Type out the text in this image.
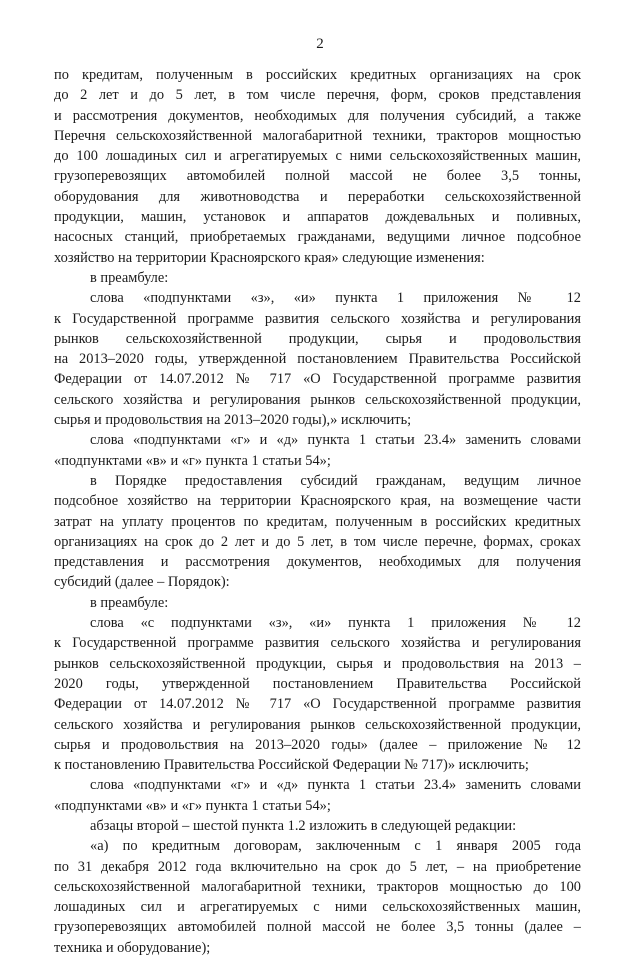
2
по кредитам, полученным в российских кредитных организациях на срок
до 2 лет и до 5 лет, в том числе перечня, форм, сроков представления
и рассмотрения документов, необходимых для получения субсидий, а также
Перечня сельскохозяйственной малогабаритной техники, тракторов мощностью
до 100 лошадиных сил и агрегатируемых с ними сельскохозяйственных машин,
грузоперевозящих автомобилей полной массой не более 3,5 тонны,
оборудования для животноводства и переработки сельскохозяйственной
продукции, машин, установок и аппаратов дождевальных и поливных,
насосных станций, приобретаемых гражданами, ведущими личное подсобное
хозяйство на территории Красноярского края» следующие изменения:
в преамбуле:
слова «подпунктами «з», «и» пункта 1 приложения № 12
к Государственной программе развития сельского хозяйства и регулирования
рынков сельскохозяйственной продукции, сырья и продовольствия
на 2013–2020 годы, утвержденной постановлением Правительства Российской
Федерации от 14.07.2012 № 717 «О Государственной программе развития
сельского хозяйства и регулирования рынков сельскохозяйственной продукции,
сырья и продовольствия на 2013–2020 годы),» исключить;
слова «подпунктами «г» и «д» пункта 1 статьи 23.4» заменить словами
«подпунктами «в» и «г» пункта 1 статьи 54»;
в Порядке предоставления субсидий гражданам, ведущим личное
подсобное хозяйство на территории Красноярского края, на возмещение части
затрат на уплату процентов по кредитам, полученным в российских кредитных
организациях на срок до 2 лет и до 5 лет, в том числе перечне, формах, сроках
представления и рассмотрения документов, необходимых для получения
субсидий (далее – Порядок):
в преамбуле:
слова «с подпунктами «з», «и» пункта 1 приложения № 12
к Государственной программе развития сельского хозяйства и регулирования
рынков сельскохозяйственной продукции, сырья и продовольствия на 2013 –
2020 годы, утвержденной постановлением Правительства Российской
Федерации от 14.07.2012 № 717 «О Государственной программе развития
сельского хозяйства и регулирования рынков сельскохозяйственной продукции,
сырья и продовольствия на 2013–2020 годы» (далее – приложение № 12
к постановлению Правительства Российской Федерации № 717)» исключить;
слова «подпунктами «г» и «д» пункта 1 статьи 23.4» заменить словами
«подпунктами «в» и «г» пункта 1 статьи 54»;
абзацы второй – шестой пункта 1.2 изложить в следующей редакции:
«а) по кредитным договорам, заключенным с 1 января 2005 года
по 31 декабря 2012 года включительно на срок до 5 лет, – на приобретение
сельскохозяйственной малогабаритной техники, тракторов мощностью до 100
лошадиных сил и агрегатируемых с ними сельскохозяйственных машин,
грузоперевозящих автомобилей полной массой не более 3,5 тонны (далее –
техника и оборудование);
